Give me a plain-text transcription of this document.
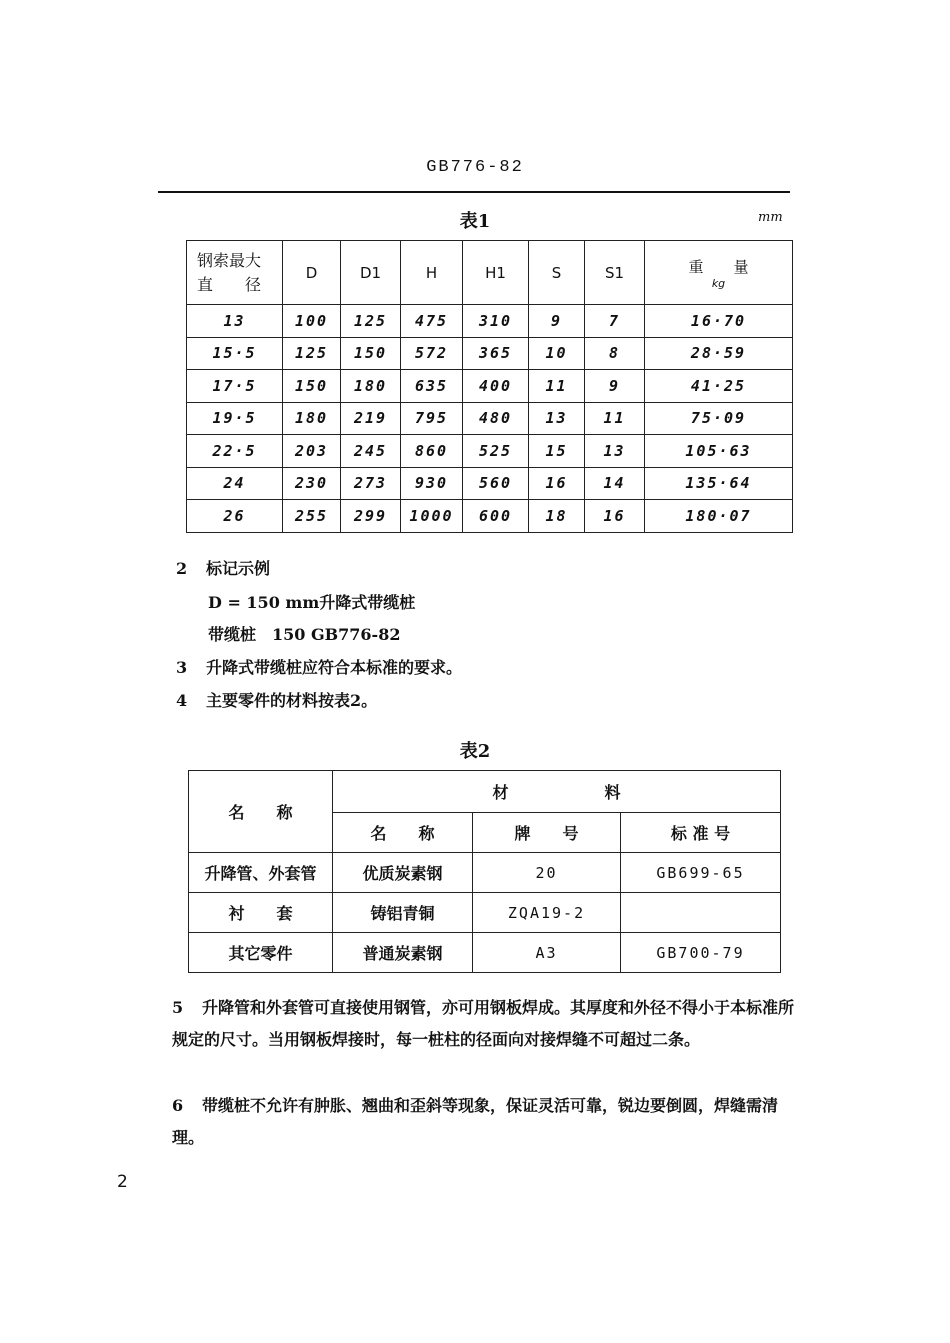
GB776-82
表1	mm
钢索最大
直　　径	D	D1	H	H1	S	S1	重　　量
kg

13	100	125	475	310	9	7	16·70
15·5	125	150	572	365	10	8	28·59
17·5	150	180	635	400	11	9	41·25
19·5	180	219	795	480	13	11	75·09
22·5	203	245	860	525	15	13	105·63
24	230	273	930	560	16	14	135·64
26	255	299	1000	600	18	16	180·07
2 标记示例
D = 150 mm升降式带缆桩
带缆桩　150 GB776-82
3 升降式带缆桩应符合本标准的要求。
4 主要零件的材料按表2。
表2
名　　称	材　　　　　　料		
	名　　称	牌　　号	标 准 号
升降管、外套管	优质炭素钢	20	GB699-65
衬　　套	铸铝青铜	ZQA19-2	
其它零件	普通炭素钢	A3	GB700-79
5 升降管和外套管可直接使用钢管，亦可用钢板焊成。其厚度和外径不得小于本标准所规定的尺寸。当用钢板焊接时，每一桩柱的径面向对接焊缝不可超过二条。
6 带缆桩不允许有肿胀、翘曲和歪斜等现象，保证灵活可靠，锐边要倒圆，焊缝需清理。
2
